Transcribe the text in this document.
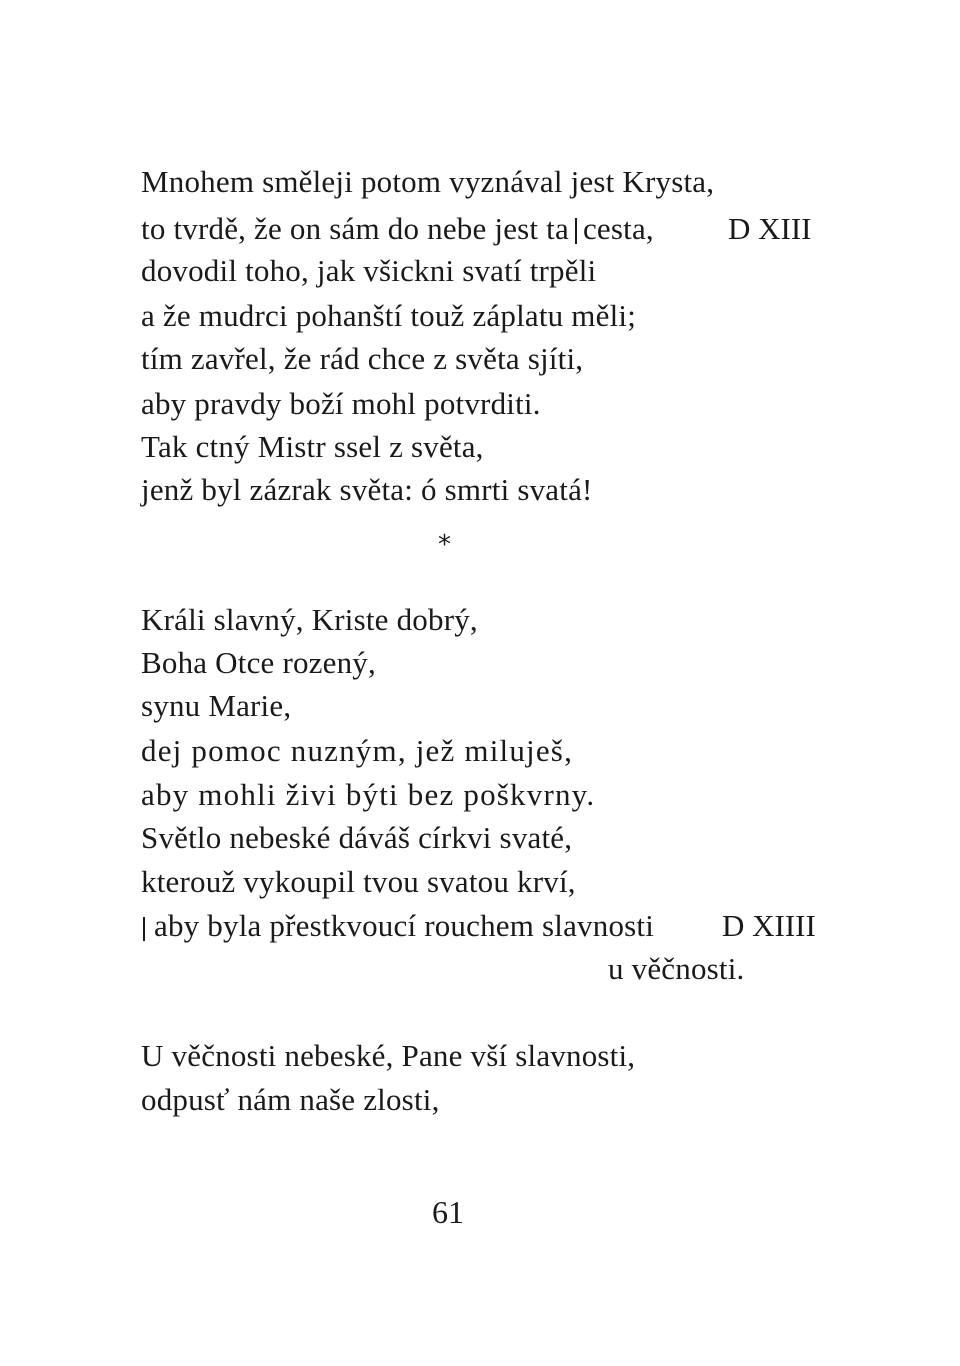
Mnohem směleji potom vyznával jest Krysta,
to tvrdě, že on sám do nebe jest ta cesta, D XIII
dovodil toho, jak všickni svatí trpěli
a že mudrci pohanští touž záplatu měli;
tím zavřel, že rád chce z světa sjíti,
aby pravdy boží mohl potvrditi.
Tak ctný Mistr ssel z světa,
jenž byl zázrak světa: ó smrti svatá!
*
Králi slavný, Kriste dobrý,
Boha Otce rozený,
synu Marie,
dej pomoc nuzným, jež miluješ,
aby mohli živi býti bez poškvrny.
Světlo nebeské dáváš církvi svaté,
kterouž vykoupil tvou svatou krví,
aby byla přestkvoucí rouchem slavnosti D XIIII
u věčnosti.
U věčnosti nebeské, Pane vší slavnosti,
odpusť nám naše zlosti,
61
